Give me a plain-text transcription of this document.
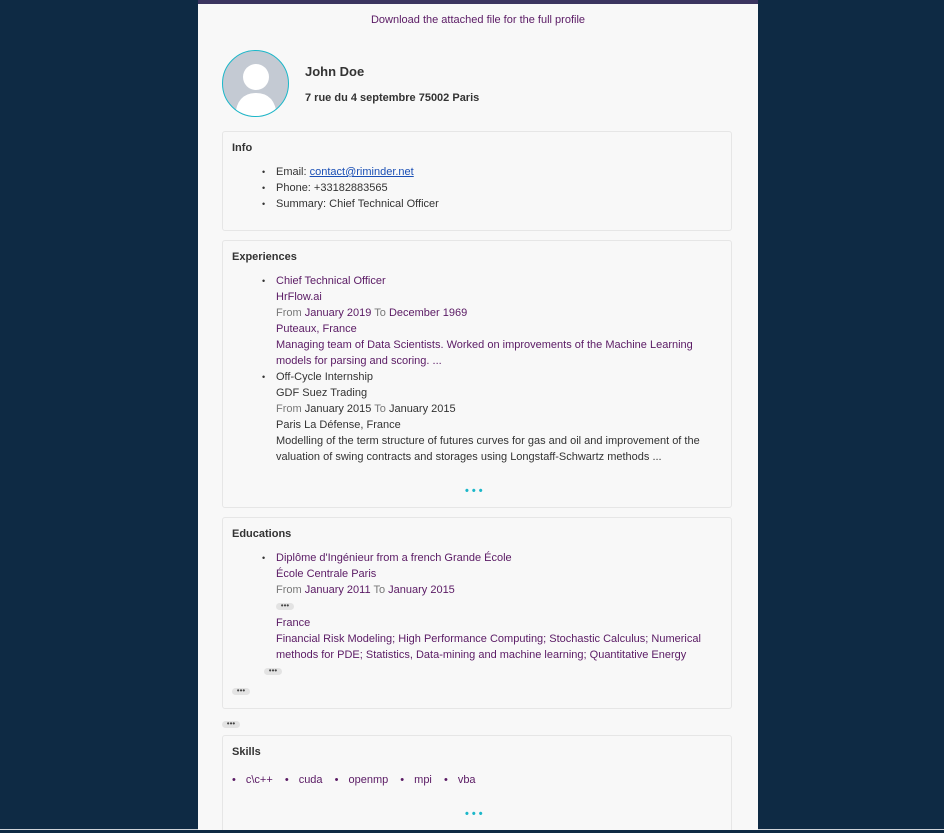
Download the attached file for the full profile
John Doe
7 rue du 4 septembre 75002 Paris
Info
• Email: contact@riminder.net
• Phone: +33182883565
• Summary: Chief Technical Officer
Experiences
• Chief Technical Officer
HrFlow.ai
From January 2019 To December 1969
Puteaux, France
Managing team of Data Scientists. Worked on improvements of the Machine Learning models for parsing and scoring. ...
• Off-Cycle Internship
GDF Suez Trading
From January 2015 To January 2015
Paris La Défense, France
Modelling of the term structure of futures curves for gas and oil and improvement of the valuation of swing contracts and storages using Longstaff-Schwartz methods ...
•••
Educations
• Diplôme d'Ingénieur from a french Grande École
École Centrale Paris
From January 2011 To January 2015
France
Financial Risk Modeling; High Performance Computing; Stochastic Calculus; Numerical methods for PDE; Statistics, Data-mining and machine learning; Quantitative Energy
•••
•••
•••
•••
Skills
• c\c++ • cuda • openmp • mpi • vba
•••
